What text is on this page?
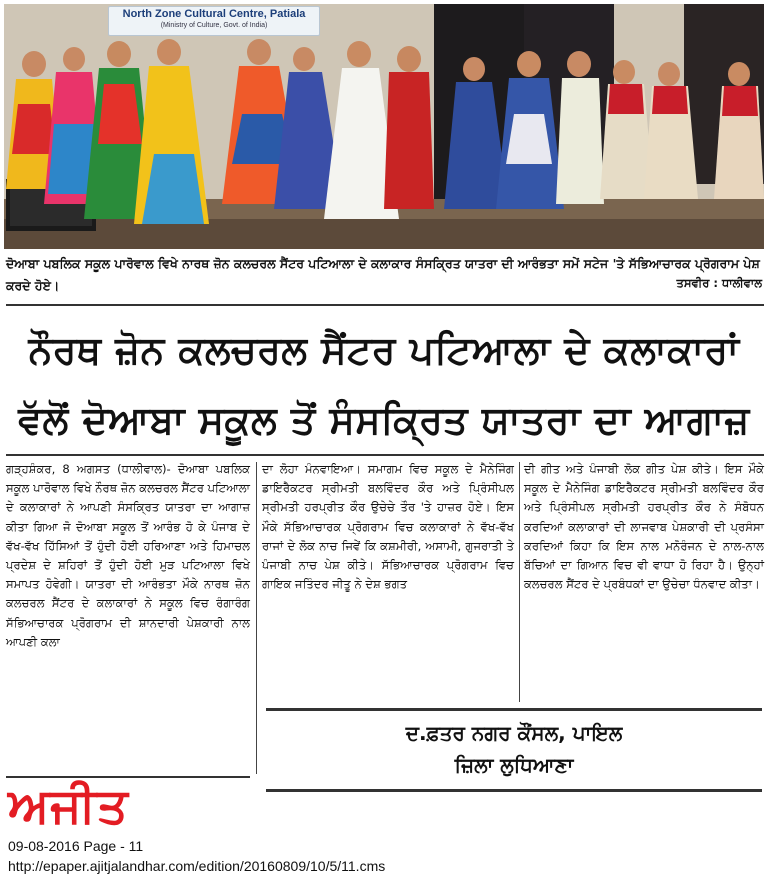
North Zone Cultural Centre, Patiala
(Ministry of Culture, Govt. of India)
ਦੋਆਬਾ ਪਬਲਿਕ ਸਕੂਲ ਪਾਰੋਵਾਲ ਵਿਖੇ ਨਾਰਥ ਜ਼ੋਨ ਕਲਚਰਲ ਸੈਂਟਰ ਪਟਿਆਲਾ ਦੇ ਕਲਾਕਾਰ ਸੰਸਕ੍ਰਿਤ ਯਾਤਰਾ ਦੀ ਆਰੰਭਤਾ ਸਮੇਂ ਸਟੇਜ 'ਤੇ ਸੱਭਿਆਚਾਰਕ ਪ੍ਰੋਗਰਾਮ ਪੇਸ਼ ਕਰਦੇ ਹੋਏ।	ਤਸਵੀਰ : ਧਾਲੀਵਾਲ
ਨੌਰਥ ਜ਼ੋਨ ਕਲਚਰਲ ਸੈਂਟਰ ਪਟਿਆਲਾ ਦੇ ਕਲਾਕਾਰਾਂ
ਵੱਲੋਂ ਦੋਆਬਾ ਸਕੂਲ ਤੋਂ ਸੰਸਕ੍ਰਿਤ ਯਾਤਰਾ ਦਾ ਆਗਾਜ਼
ਗੜ੍ਹਸ਼ੰਕਰ, 8 ਅਗਸਤ (ਧਾਲੀਵਾਲ)- ਦੋਆਬਾ ਪਬਲਿਕ ਸਕੂਲ ਪਾਰੋਵਾਲ ਵਿਖੇ ਨੌਰਥ ਜ਼ੋਨ ਕਲਚਰਲ ਸੈਂਟਰ ਪਟਿਆਲਾ ਦੇ ਕਲਾਕਾਰਾਂ ਨੇ ਆਪਣੀ ਸੰਸਕ੍ਰਿਤ ਯਾਤਰਾ ਦਾ ਆਗਾਜ਼ ਕੀਤਾ ਗਿਆ ਜੋ ਦੋਆਬਾ ਸਕੂਲ ਤੋਂ ਆਰੰਭ ਹੋ ਕੇ ਪੰਜਾਬ ਦੇ ਵੱਖ-ਵੱਖ ਹਿੱਸਿਆਂ ਤੋਂ ਹੁੰਦੀ ਹੋਈ ਹਰਿਆਣਾ ਅਤੇ ਹਿਮਾਚਲ ਪ੍ਰਦੇਸ਼ ਦੇ ਸ਼ਹਿਰਾਂ ਤੋਂ ਹੁੰਦੀ ਹੋਈ ਮੁੜ ਪਟਿਆਲਾ ਵਿਖੇ ਸਮਾਪਤ ਹੋਵੇਗੀ। ਯਾਤਰਾ ਦੀ ਆਰੰਭਤਾ ਮੌਕੇ ਨਾਰਥ ਜ਼ੋਨ ਕਲਚਰਲ ਸੈਂਟਰ ਦੇ ਕਲਾਕਾਰਾਂ ਨੇ ਸਕੂਲ ਵਿਚ ਰੰਗਾਰੰਗ ਸੱਭਿਆਚਾਰਕ ਪ੍ਰੋਗਰਾਮ ਦੀ ਸ਼ਾਨਦਾਰੀ ਪੇਸ਼ਕਾਰੀ ਨਾਲ ਆਪਣੀ ਕਲਾ
ਦਾ ਲੋਹਾ ਮੰਨਵਾਇਆ। ਸਮਾਗਮ ਵਿਚ ਸਕੂਲ ਦੇ ਮੈਨੇਜਿੰਗ ਡਾਇਰੈਕਟਰ ਸ੍ਰੀਮਤੀ ਬਲਵਿੰਦਰ ਕੌਰ ਅਤੇ ਪ੍ਰਿੰਸੀਪਲ ਸ੍ਰੀਮਤੀ ਹਰਪ੍ਰੀਤ ਕੌਰ ਉਚੇਚੇ ਤੌਰ 'ਤੇ ਹਾਜ਼ਰ ਹੋਏ। ਇਸ ਮੌਕੇ ਸੱਭਿਆਚਾਰਕ ਪ੍ਰੋਗਰਾਮ ਵਿਚ ਕਲਾਕਾਰਾਂ ਨੇ ਵੱਖ-ਵੱਖ ਰਾਜਾਂ ਦੇ ਲੋਕ ਨਾਚ ਜਿਵੇਂ ਕਿ ਕਸ਼ਮੀਰੀ, ਅਸਾਮੀ, ਗੁਜਰਾਤੀ ਤੇ ਪੰਜਾਬੀ ਨਾਚ ਪੇਸ਼ ਕੀਤੇ। ਸੱਭਿਆਚਾਰਕ ਪ੍ਰੋਗਰਾਮ ਵਿਚ ਗਾਇਕ ਜਤਿੰਦਰ ਜੀਤੂ ਨੇ ਦੇਸ਼ ਭਗਤ
ਦੀ ਗੀਤ ਅਤੇ ਪੰਜਾਬੀ ਲੋਕ ਗੀਤ ਪੇਸ਼ ਕੀਤੇ। ਇਸ ਮੌਕੇ ਸਕੂਲ ਦੇ ਮੈਨੇਜਿੰਗ ਡਾਇਰੈਕਟਰ ਸ੍ਰੀਮਤੀ ਬਲਵਿੰਦਰ ਕੌਰ ਅਤੇ ਪ੍ਰਿੰਸੀਪਲ ਸ੍ਰੀਮਤੀ ਹਰਪ੍ਰੀਤ ਕੌਰ ਨੇ ਸੰਬੋਧਨ ਕਰਦਿਆਂ ਕਲਾਕਾਰਾਂ ਦੀ ਲਾਜਵਾਬ ਪੇਸ਼ਕਾਰੀ ਦੀ ਪ੍ਰਸੰਸਾ ਕਰਦਿਆਂ ਕਿਹਾ ਕਿ ਇਸ ਨਾਲ ਮਨੋਰੰਜਨ ਦੇ ਨਾਲ-ਨਾਲ ਬੱਚਿਆਂ ਦਾ ਗਿਆਨ ਵਿਚ ਵੀ ਵਾਧਾ ਹੋ ਰਿਹਾ ਹੈ। ਉਨ੍ਹਾਂ ਕਲਚਰਲ ਸੈਂਟਰ ਦੇ ਪ੍ਰਬੰਧਕਾਂ ਦਾ ਉਚੇਚਾ ਧੰਨਵਾਦ ਕੀਤਾ।
ਦ.ਫ਼ਤਰ ਨਗਰ ਕੌਂਸਲ, ਪਾਇਲ
ਜ਼ਿਲਾ ਲੁਧਿਆਣਾ
ਅਜੀਤ
09-08-2016 Page - 11
http://epaper.ajitjalandhar.com/edition/20160809/10/5/11.cms
